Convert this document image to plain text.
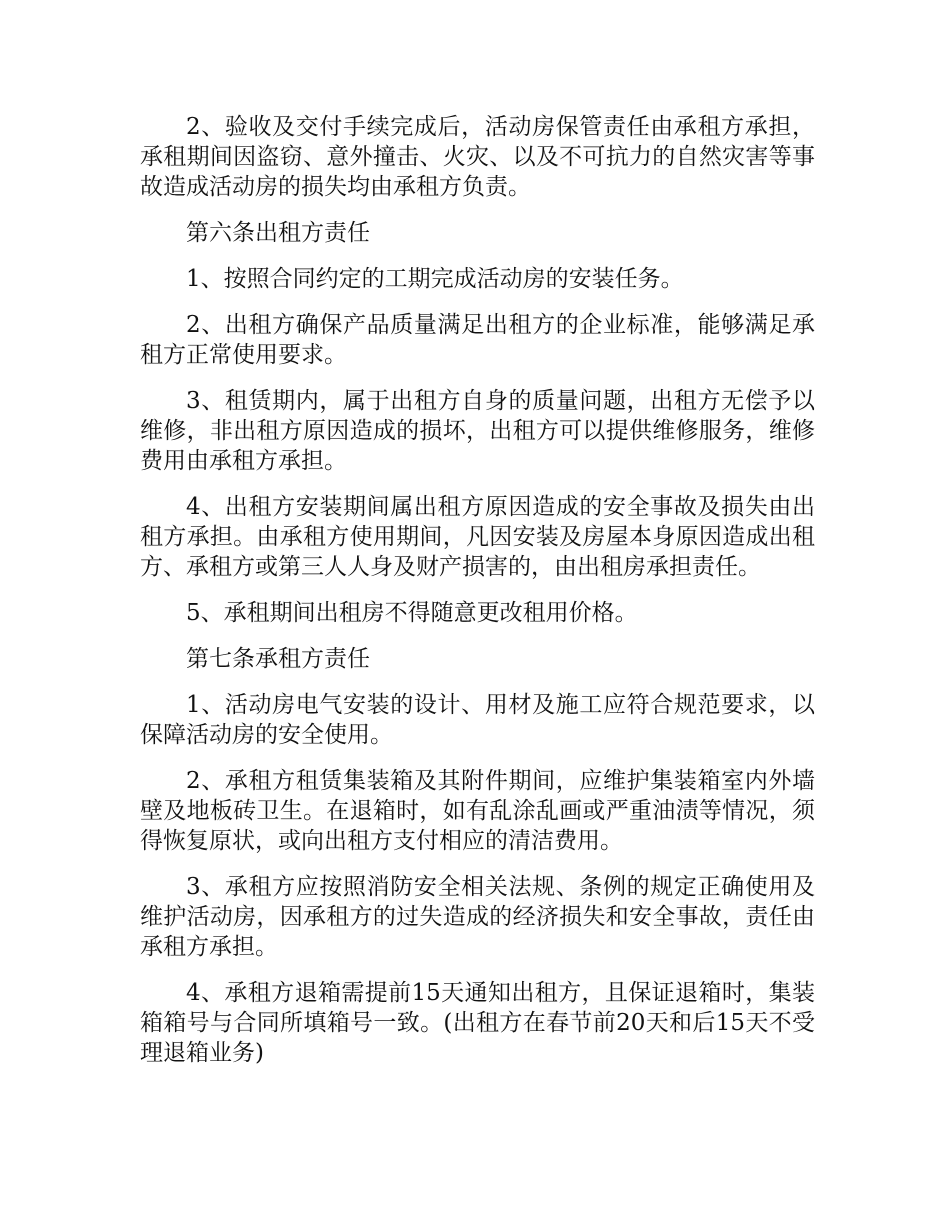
2、验收及交付手续完成后，活动房保管责任由承租方承担，承租期间因盗窃、意外撞击、火灾、以及不可抗力的自然灾害等事故造成活动房的损失均由承租方负责。

第六条出租方责任

1、按照合同约定的工期完成活动房的安装任务。

2、出租方确保产品质量满足出租方的企业标准，能够满足承租方正常使用要求。

3、租赁期内，属于出租方自身的质量问题，出租方无偿予以维修，非出租方原因造成的损坏，出租方可以提供维修服务，维修费用由承租方承担。

4、出租方安装期间属出租方原因造成的安全事故及损失由出租方承担。由承租方使用期间，凡因安装及房屋本身原因造成出租方、承租方或第三人人身及财产损害的，由出租房承担责任。

5、承租期间出租房不得随意更改租用价格。

第七条承租方责任

1、活动房电气安装的设计、用材及施工应符合规范要求，以保障活动房的安全使用。

2、承租方租赁集装箱及其附件期间，应维护集装箱室内外墙壁及地板砖卫生。在退箱时，如有乱涂乱画或严重油渍等情况，须得恢复原状，或向出租方支付相应的清洁费用。

3、承租方应按照消防安全相关法规、条例的规定正确使用及维护活动房，因承租方的过失造成的经济损失和安全事故，责任由承租方承担。

4、承租方退箱需提前15天通知出租方，且保证退箱时，集装箱箱号与合同所填箱号一致。(出租方在春节前20天和后15天不受理退箱业务)
